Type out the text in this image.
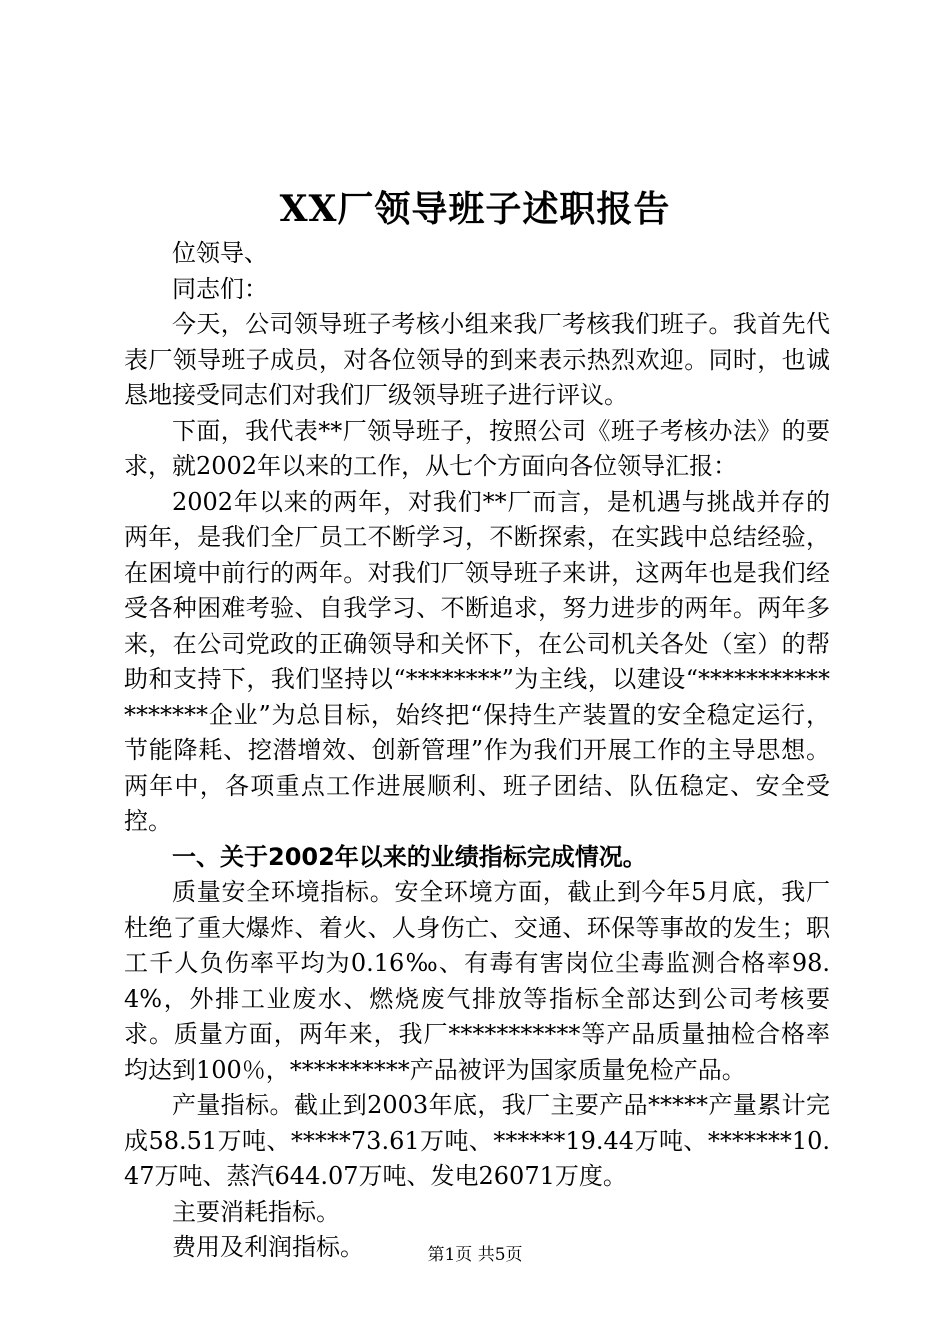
XX厂领导班子述职报告

位领导、

同志们：

今天，公司领导班子考核小组来我厂考核我们班子。我首先代表厂领导班子成员，对各位领导的到来表示热烈欢迎。同时，也诚恳地接受同志们对我们厂级领导班子进行评议。

下面，我代表**厂领导班子，按照公司《班子考核办法》的要求，就2002年以来的工作，从七个方面向各位领导汇报：

2002年以来的两年，对我们**厂而言，是机遇与挑战并存的两年，是我们全厂员工不断学习，不断探索，在实践中总结经验，在困境中前行的两年。对我们厂领导班子来讲，这两年也是我们经受各种困难考验、自我学习、不断追求，努力进步的两年。两年多来，在公司党政的正确领导和关怀下，在公司机关各处（室）的帮助和支持下，我们坚持以“********”为主线，以建设“******************企业”为总目标，始终把“保持生产装置的安全稳定运行，节能降耗、挖潜增效、创新管理”作为我们开展工作的主导思想。两年中，各项重点工作进展顺利、班子团结、队伍稳定、安全受控。

一、关于2002年以来的业绩指标完成情况。

质量安全环境指标。安全环境方面，截止到今年5月底，我厂杜绝了重大爆炸、着火、人身伤亡、交通、环保等事故的发生；职工千人负伤率平均为0.16‰、有毒有害岗位尘毒监测合格率98.4%，外排工业废水、燃烧废气排放等指标全部达到公司考核要求。质量方面，两年来，我厂***********等产品质量抽检合格率均达到100％，**********产品被评为国家质量免检产品。

产量指标。截止到2003年底，我厂主要产品*****产量累计完成58.51万吨、*****73.61万吨、******19.44万吨、*******10.47万吨、蒸汽644.07万吨、发电26071万度。

主要消耗指标。

费用及利润指标。	第1页 共5页
